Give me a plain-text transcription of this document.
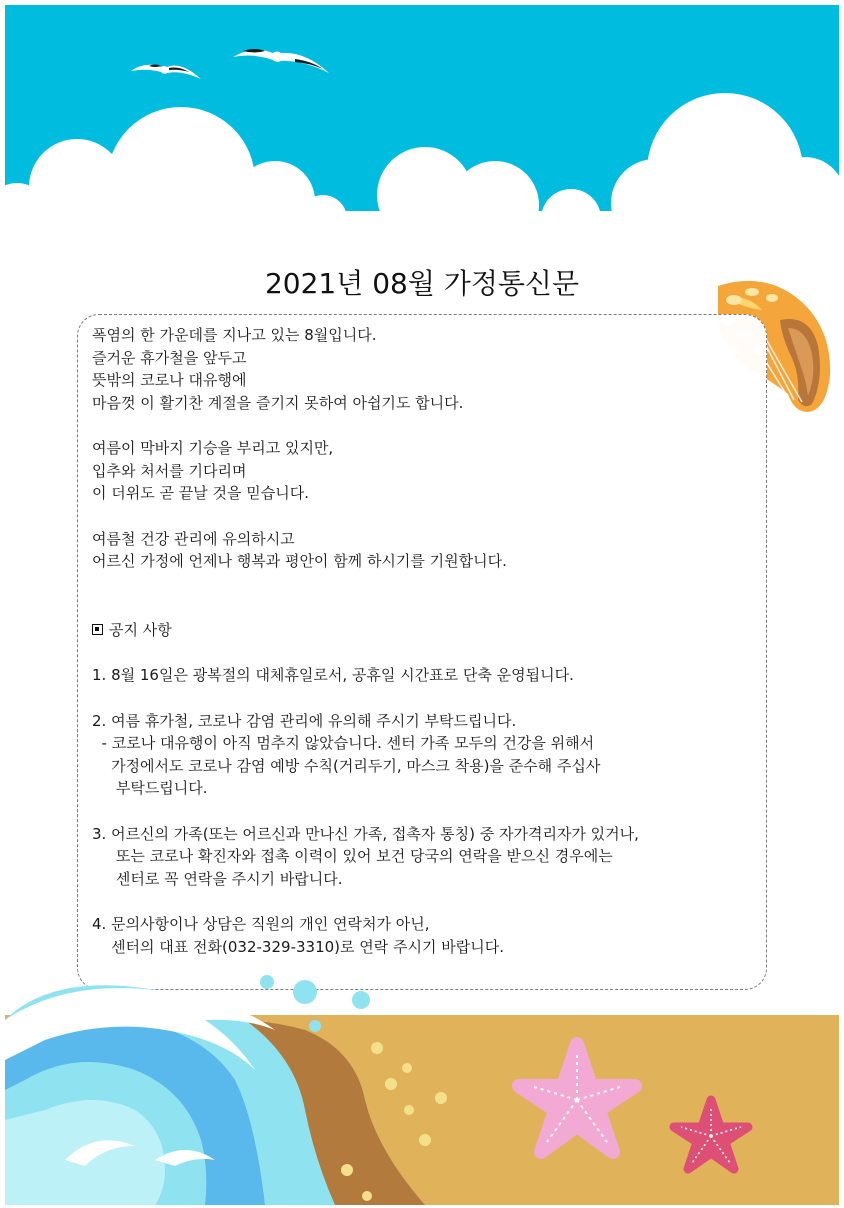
2021년 08월 가정통신문

폭염의 한 가운데를 지나고 있는 8월입니다.

즐거운 휴가철을 앞두고

뜻밖의 코로나 대유행에

마음껏 이 활기찬 계절을 즐기지 못하여 아쉽기도 합니다.

여름이 막바지 기승을 부리고 있지만,

입추와 처서를 기다리며

이 더위도 곧 끝날 것을 믿습니다.

여름철 건강 관리에 유의하시고

어르신 가정에 언제나 행복과 평안이 함께 하시기를 기원합니다.

공지 사항

1. 8월 16일은 광복절의 대체휴일로서, 공휴일 시간표로 단축 운영됩니다.

2. 여름 휴가철, 코로나 감염 관리에 유의해 주시기 부탁드립니다.

- 코로나 대유행이 아직 멈추지 않았습니다. 센터 가족 모두의 건강을 위해서

가정에서도 코로나 감염 예방 수칙(거리두기, 마스크 착용)을 준수해 주십사

부탁드립니다.

3. 어르신의 가족(또는 어르신과 만나신 가족, 접촉자 통칭) 중 자가격리자가 있거나,

또는 코로나 확진자와 접촉 이력이 있어 보건 당국의 연락을 받으신 경우에는

센터로 꼭 연락을 주시기 바랍니다.

4. 문의사항이나 상담은 직원의 개인 연락처가 아닌,

센터의 대표 전화(032-329-3310)로 연락 주시기 바랍니다.
